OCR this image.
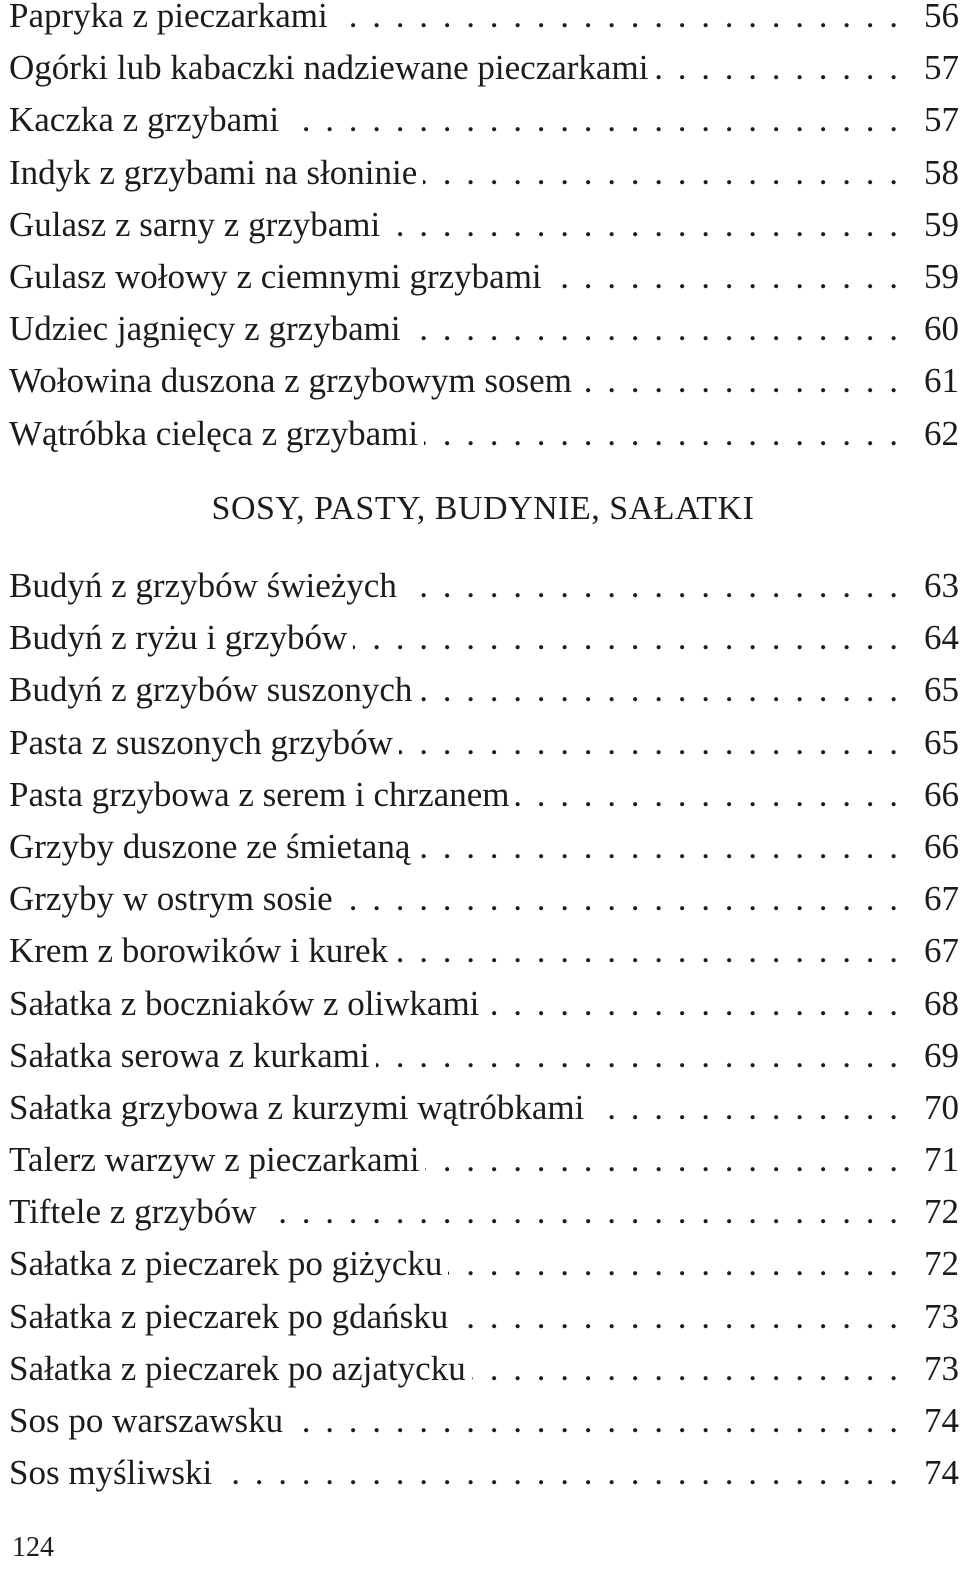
Papryka z pieczarkami . . .	56
Ogórki lub kabaczki nadziewane pieczarkami . . .	57
Kaczka z grzybami . . .	57
Indyk z grzybami na słoninie . . .	58
Gulasz z sarny z grzybami . . .	59
Gulasz wołowy z ciemnymi grzybami . . .	59
Udziec jagnięcy z grzybami . . .	60
Wołowina duszona z grzybowym sosem . . .	61
Wątróbka cielęca z grzybami . . .	62
SOSY, PASTY, BUDYNIE, SAŁATKI
Budyń z grzybów świeżych . . .	63
Budyń z ryżu i grzybów . . .	64
Budyń z grzybów suszonych . . .	65
Pasta z suszonych grzybów . . .	65
Pasta grzybowa z serem i chrzanem . . .	66
Grzyby duszone ze śmietaną . . .	66
Grzyby w ostrym sosie . . .	67
Krem z borowików i kurek . . .	67
Sałatka z boczniaków z oliwkami . . .	68
Sałatka serowa z kurkami . . .	69
Sałatka grzybowa z kurzymi wątróbkami . . .	70
Talerz warzyw z pieczarkami . . .	71
Tiftele z grzybów . . .	72
Sałatka z pieczarek po giżycku . . .	72
Sałatka z pieczarek po gdańsku . . .	73
Sałatka z pieczarek po azjatycku . . .	73
Sos po warszawsku . . .	74
Sos myśliwski . . .	74
124
